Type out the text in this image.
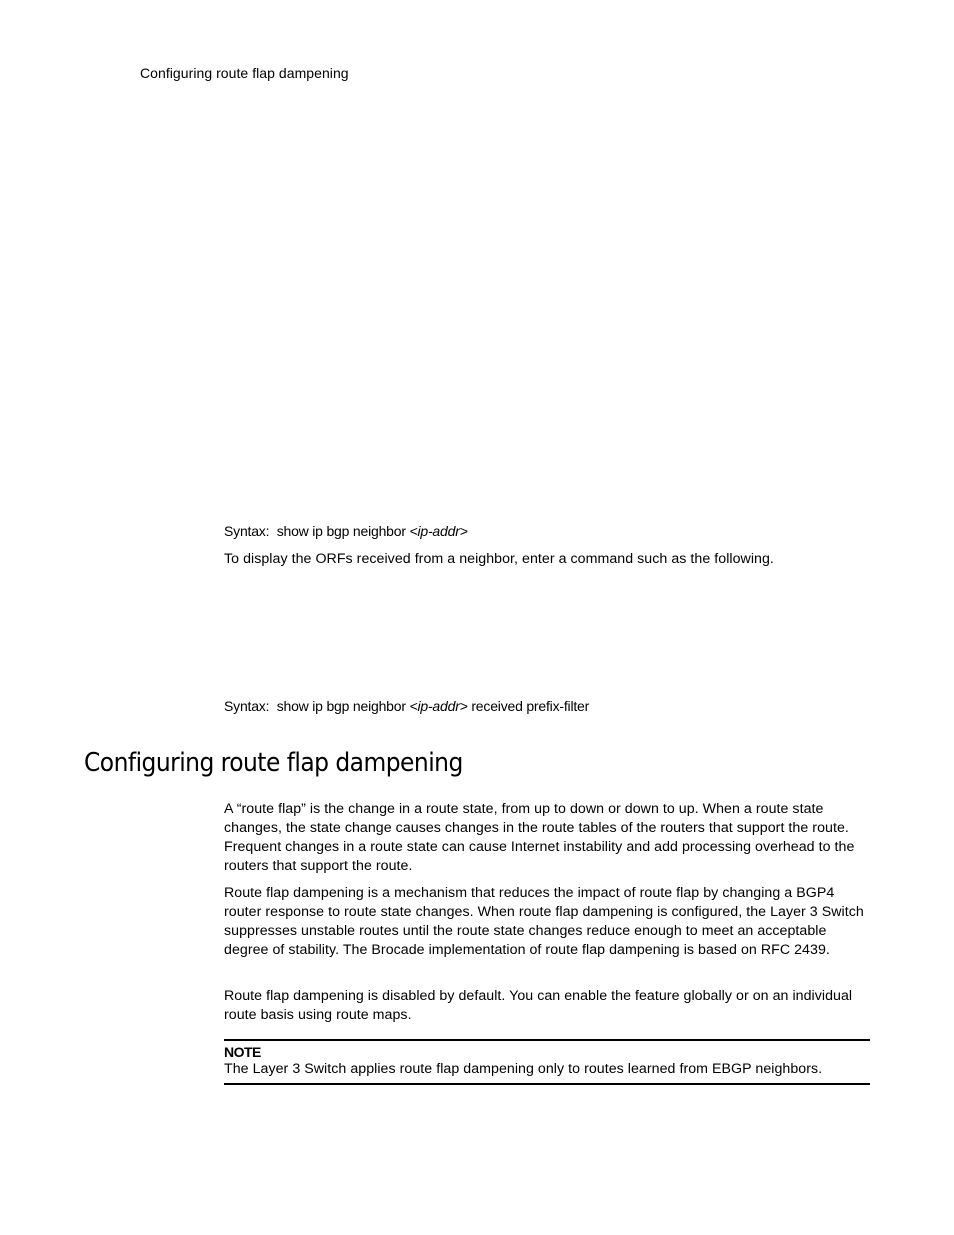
Configuring route flap dampening
Syntax: show ip bgp neighbor <ip-addr>
To display the ORFs received from a neighbor, enter a command such as the following.
Syntax: show ip bgp neighbor <ip-addr> received prefix-filter
Configuring route flap dampening
A “route flap” is the change in a route state, from up to down or down to up. When a route state changes, the state change causes changes in the route tables of the routers that support the route. Frequent changes in a route state can cause Internet instability and add processing overhead to the routers that support the route.
Route flap dampening is a mechanism that reduces the impact of route flap by changing a BGP4 router response to route state changes. When route flap dampening is configured, the Layer 3 Switch suppresses unstable routes until the route state changes reduce enough to meet an acceptable degree of stability. The Brocade implementation of route flap dampening is based on RFC 2439.
Route flap dampening is disabled by default. You can enable the feature globally or on an individual route basis using route maps.
NOTE
The Layer 3 Switch applies route flap dampening only to routes learned from EBGP neighbors.
